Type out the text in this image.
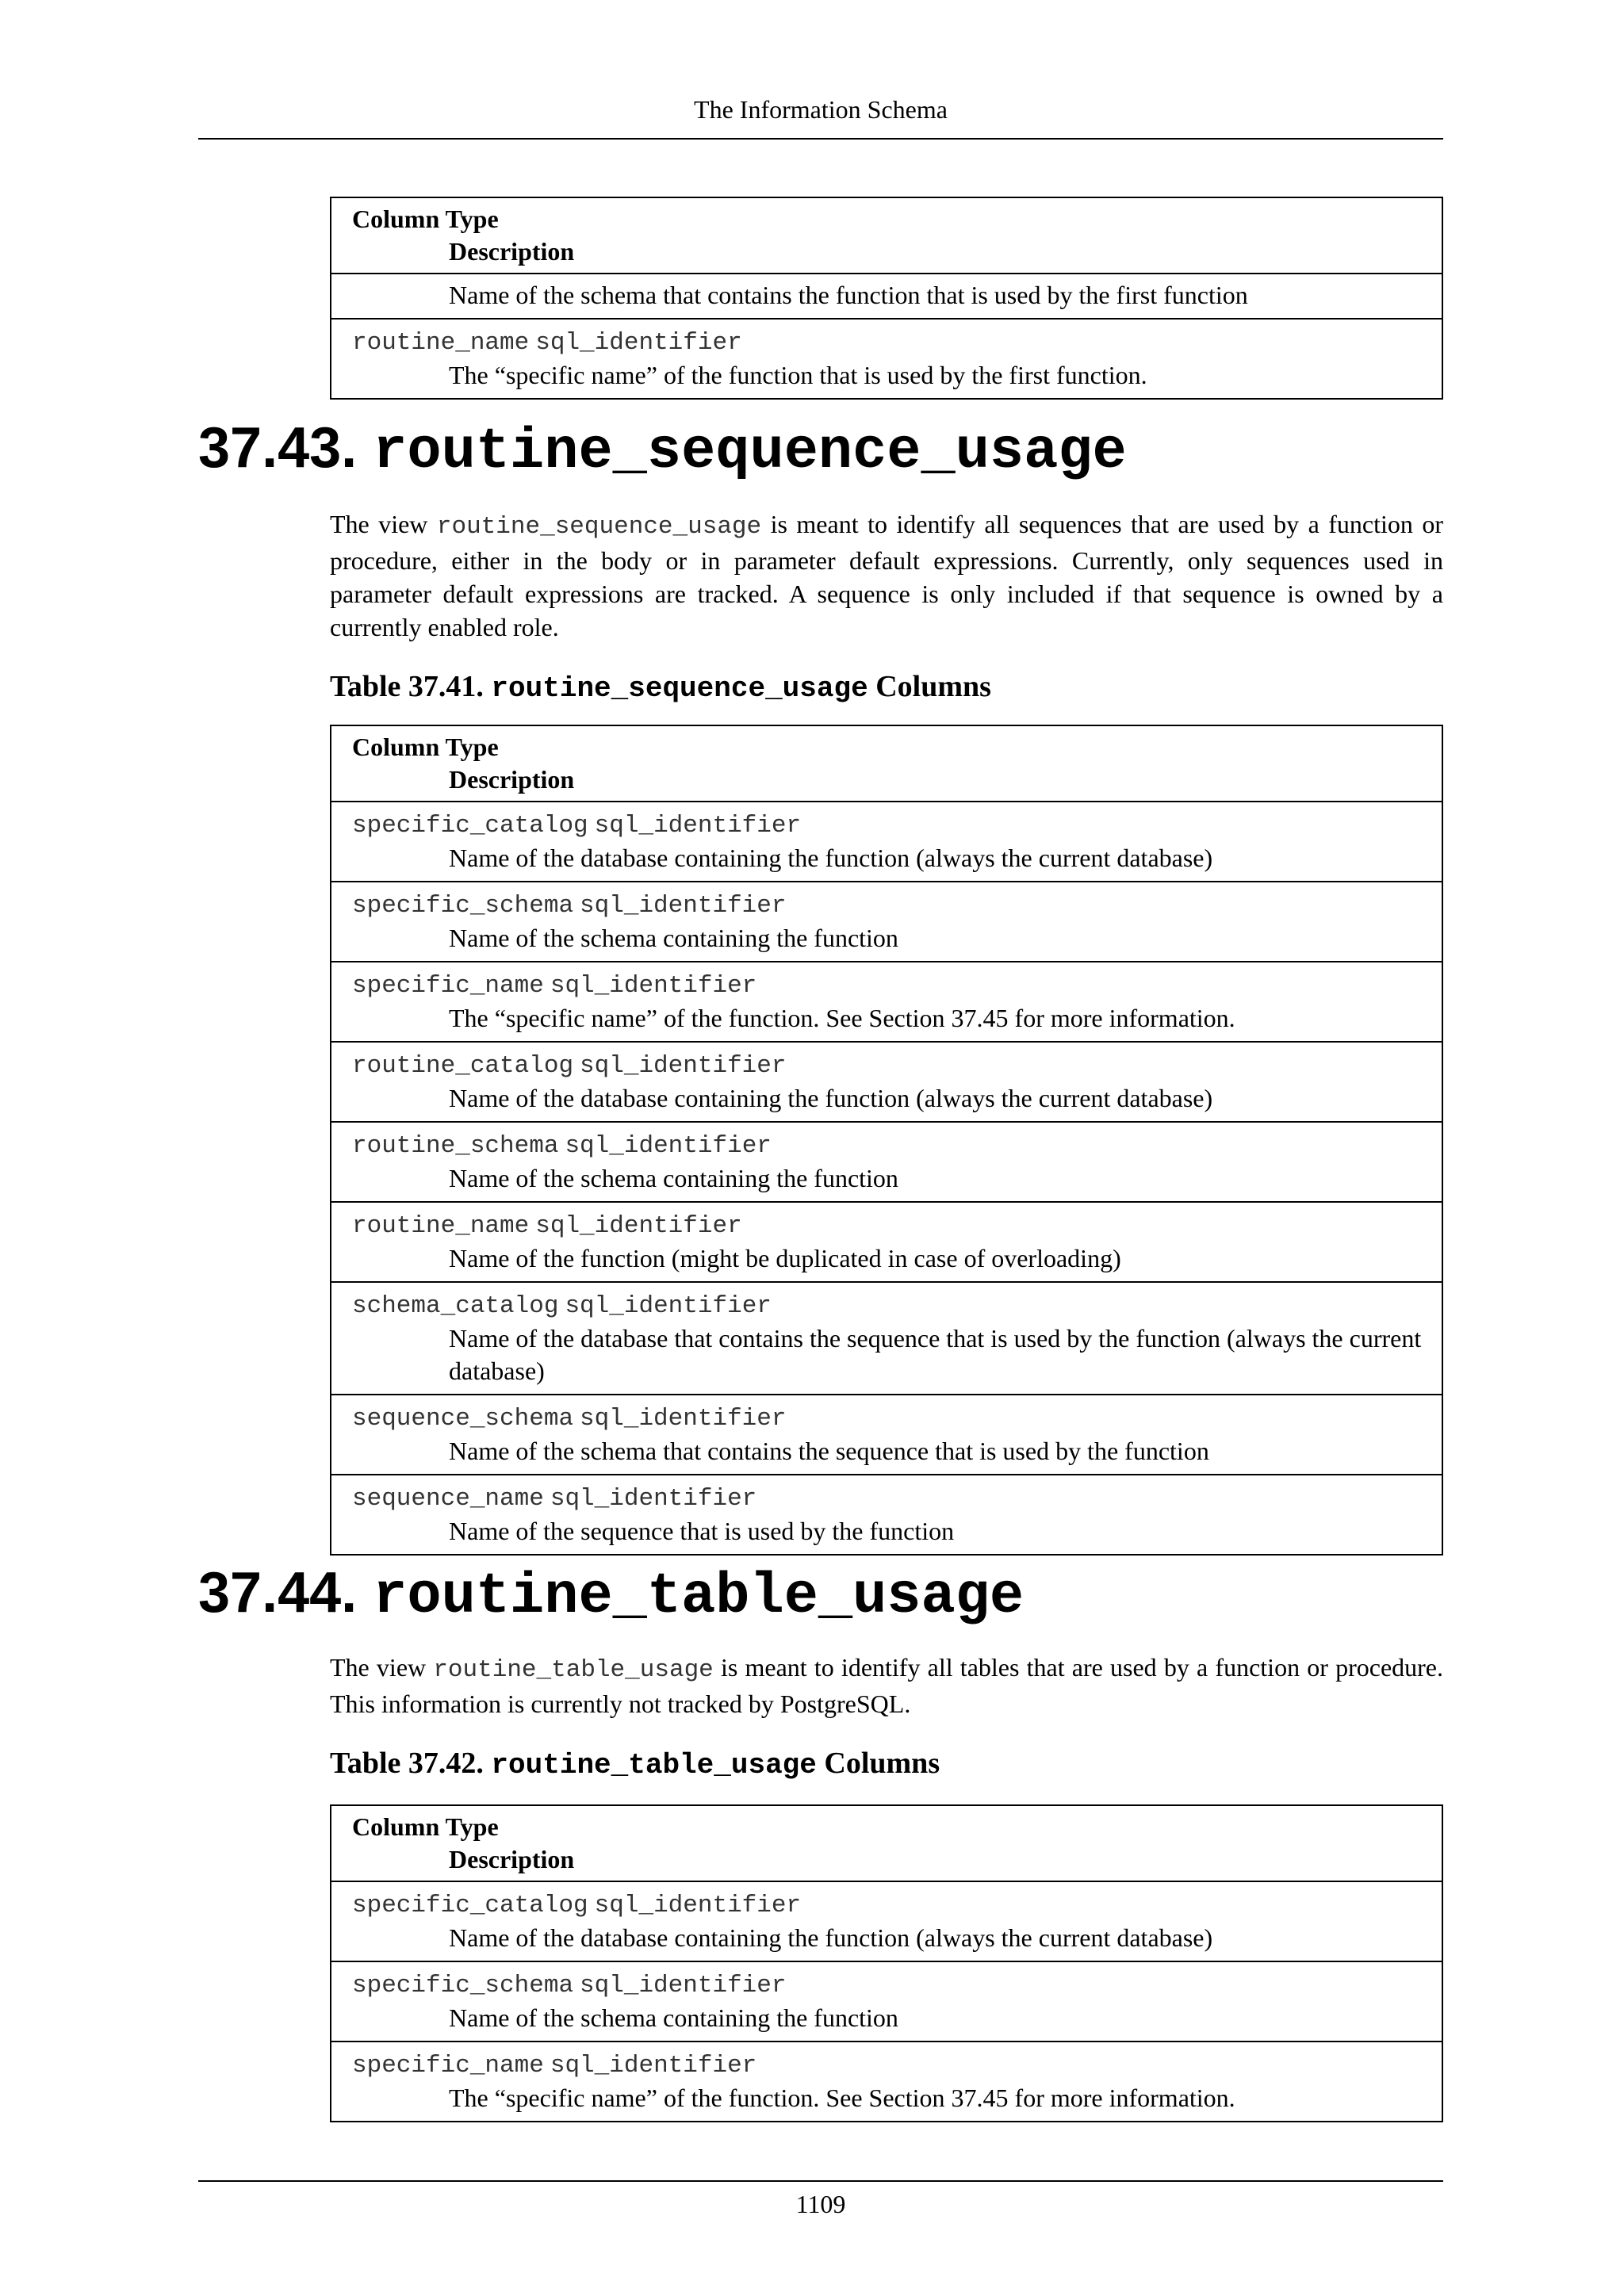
The Information Schema
Column Type
Description
Name of the schema that contains the function that is used by the first function
routine_name sql_identifier
The “specific name” of the function that is used by the first function.
37.43. routine_sequence_usage
The view routine_sequence_usage is meant to identify all sequences that are used by a function or procedure, either in the body or in parameter default expressions. Currently, only sequences used in parameter default expressions are tracked. A sequence is only included if that sequence is owned by a currently enabled role.
Table 37.41. routine_sequence_usage Columns
Column Type
Description
specific_catalog sql_identifier
Name of the database containing the function (always the current database)
specific_schema sql_identifier
Name of the schema containing the function
specific_name sql_identifier
The “specific name” of the function. See Section 37.45 for more information.
routine_catalog sql_identifier
Name of the database containing the function (always the current database)
routine_schema sql_identifier
Name of the schema containing the function
routine_name sql_identifier
Name of the function (might be duplicated in case of overloading)
schema_catalog sql_identifier
Name of the database that contains the sequence that is used by the function (always the current database)
sequence_schema sql_identifier
Name of the schema that contains the sequence that is used by the function
sequence_name sql_identifier
Name of the sequence that is used by the function
37.44. routine_table_usage
The view routine_table_usage is meant to identify all tables that are used by a function or procedure. This information is currently not tracked by PostgreSQL.
Table 37.42. routine_table_usage Columns
Column Type
Description
specific_catalog sql_identifier
Name of the database containing the function (always the current database)
specific_schema sql_identifier
Name of the schema containing the function
specific_name sql_identifier
The “specific name” of the function. See Section 37.45 for more information.
1109
